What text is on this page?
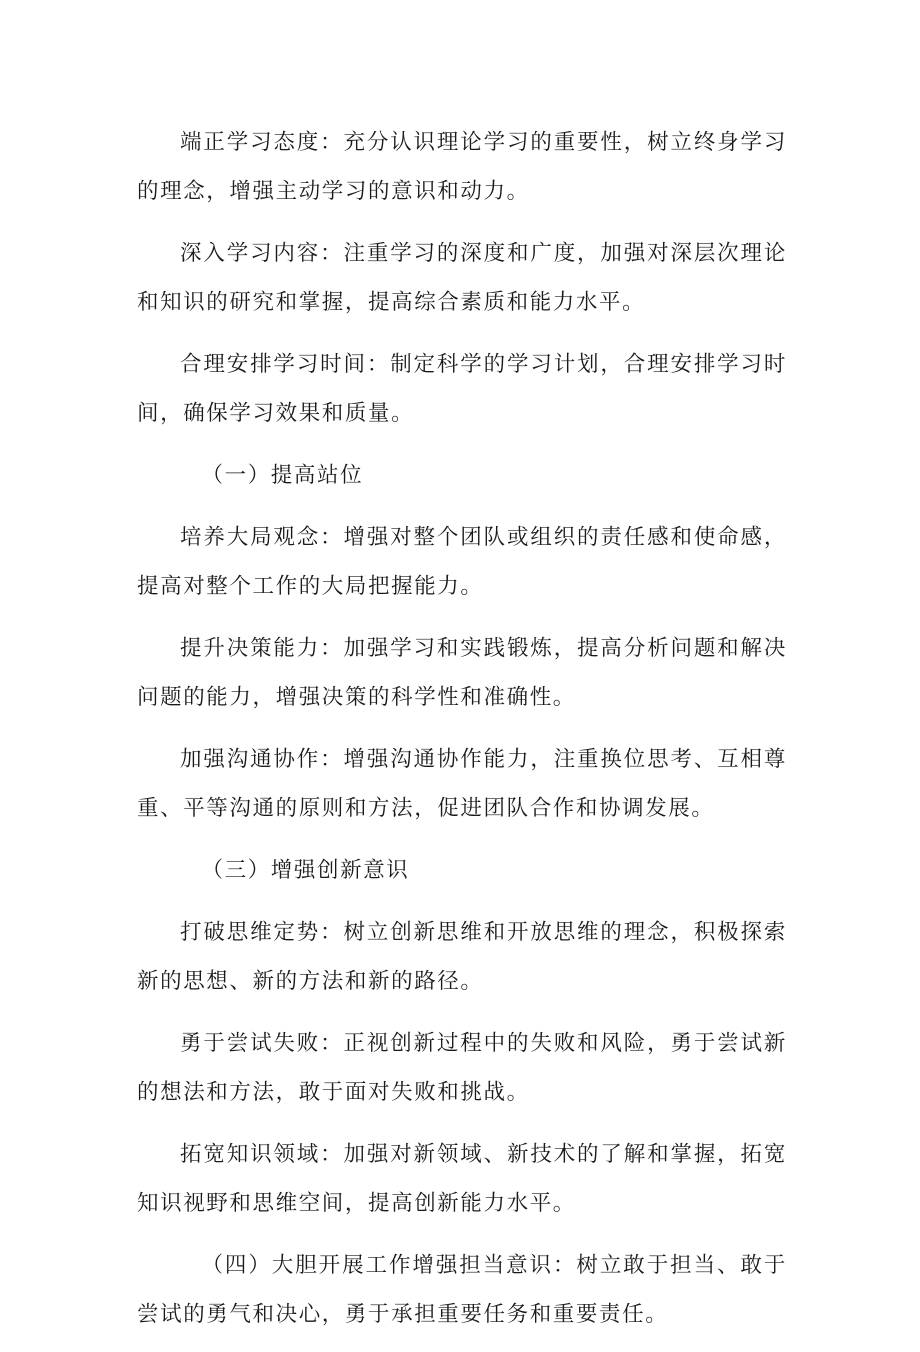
端正学习态度：充分认识理论学习的重要性，树立终身学习的理念，增强主动学习的意识和动力。

深入学习内容：注重学习的深度和广度，加强对深层次理论和知识的研究和掌握，提高综合素质和能力水平。

合理安排学习时间：制定科学的学习计划，合理安排学习时间，确保学习效果和质量。

（一）提高站位

培养大局观念：增强对整个团队或组织的责任感和使命感，提高对整个工作的大局把握能力。

提升决策能力：加强学习和实践锻炼，提高分析问题和解决问题的能力，增强决策的科学性和准确性。

加强沟通协作：增强沟通协作能力，注重换位思考、互相尊重、平等沟通的原则和方法，促进团队合作和协调发展。

（三）增强创新意识

打破思维定势：树立创新思维和开放思维的理念，积极探索新的思想、新的方法和新的路径。

勇于尝试失败：正视创新过程中的失败和风险，勇于尝试新的想法和方法，敢于面对失败和挑战。

拓宽知识领域：加强对新领域、新技术的了解和掌握，拓宽知识视野和思维空间，提高创新能力水平。

（四）大胆开展工作增强担当意识：树立敢于担当、敢于尝试的勇气和决心，勇于承担重要任务和重要责任。
